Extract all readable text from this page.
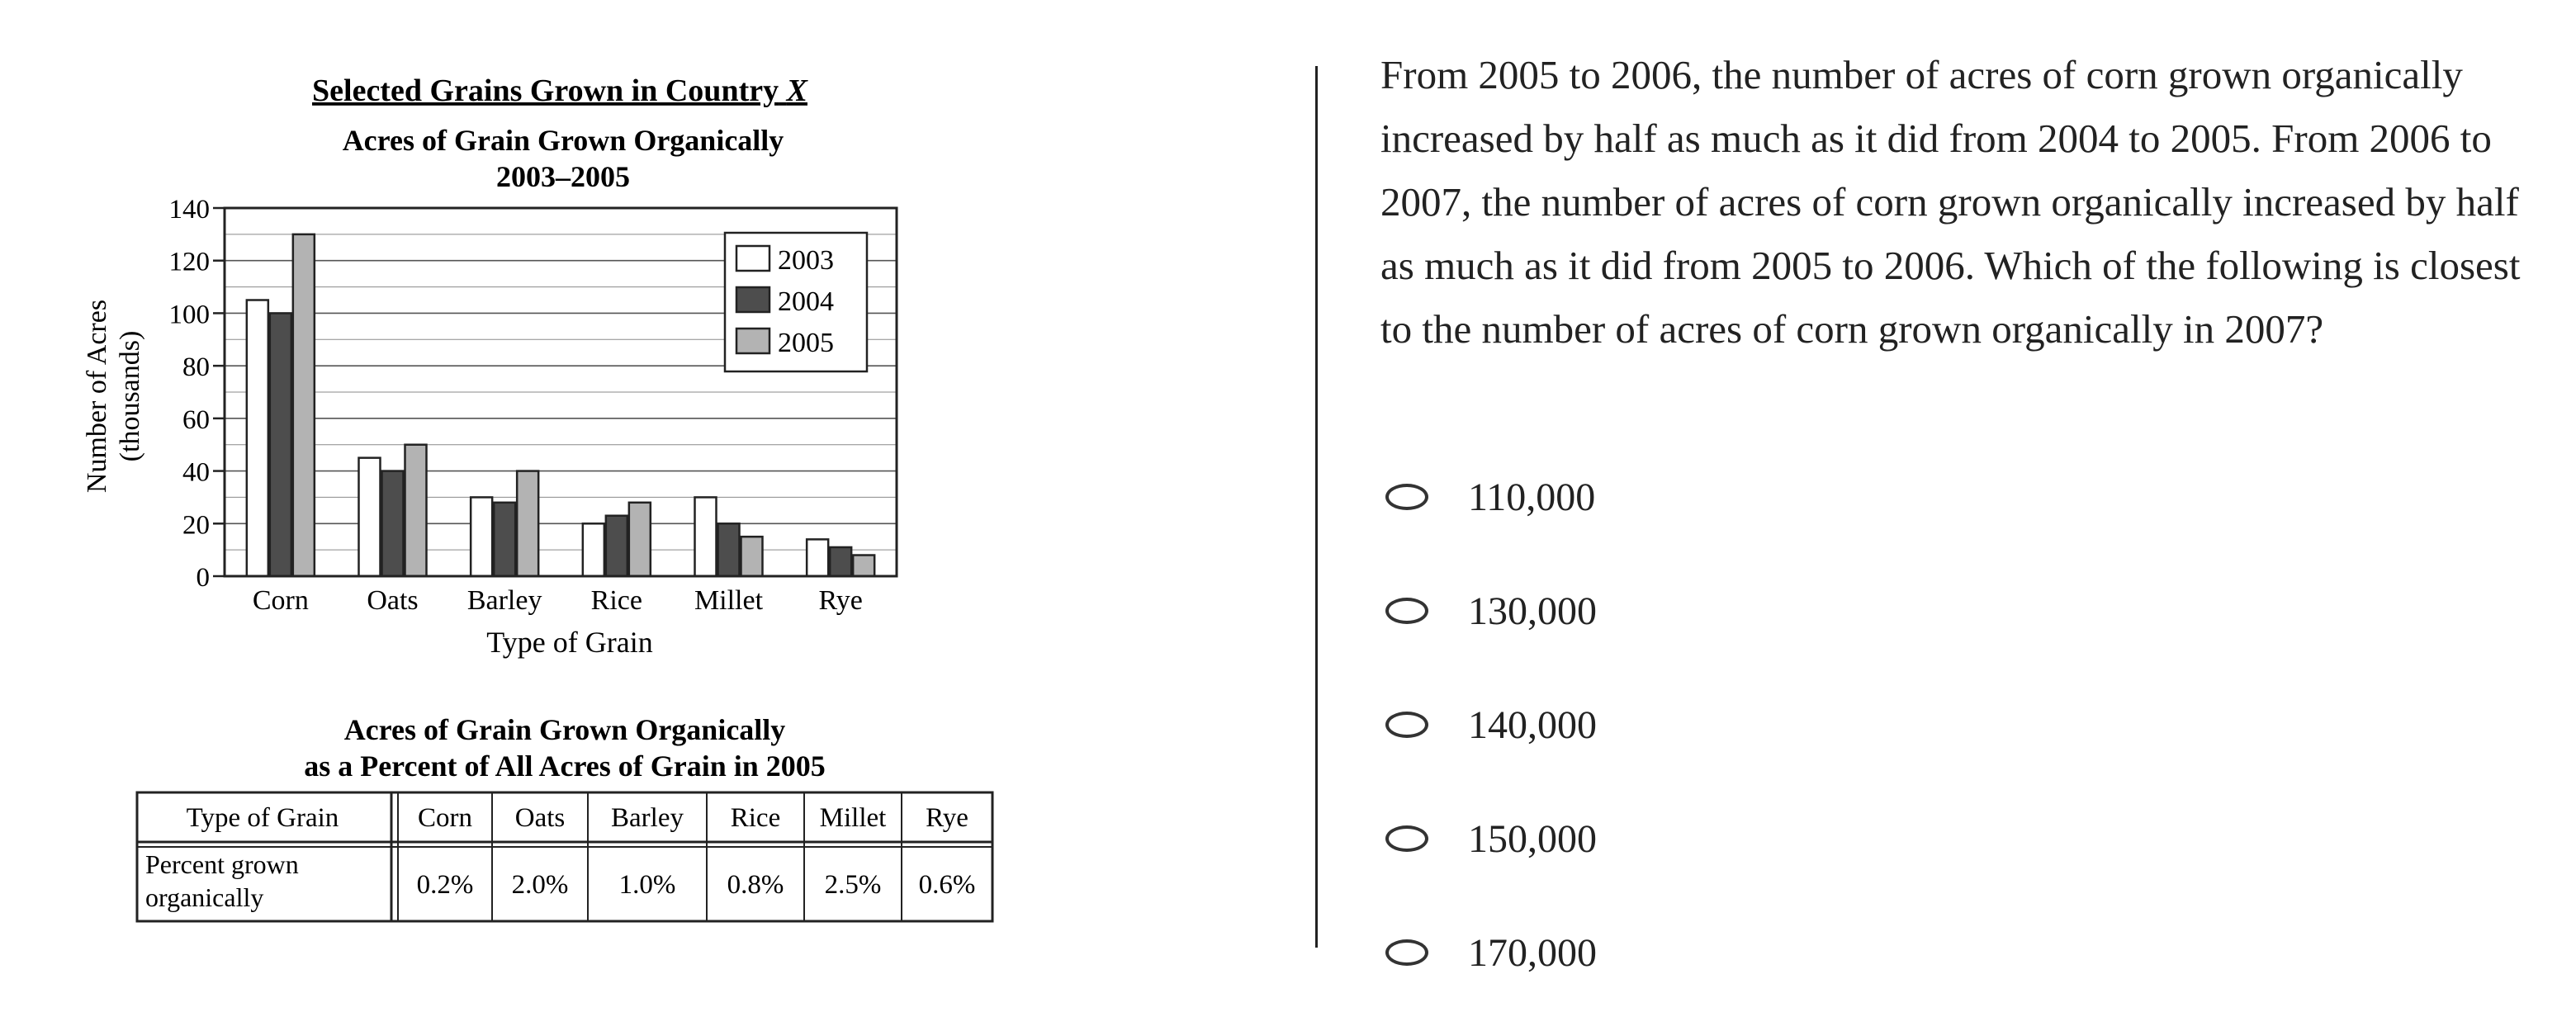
Selected Grains Grown in Country X
Acres of Grain Grown Organically
2003–2005
0
20
40
60
80
100
120
140
Corn Oats Barley Rice Millet Rye
2003
2004
2005
Number of Acres (thousands)
Type of Grain
Acres of Grain Grown Organically
as a Percent of All Acres of Grain in 2005
Type of Grain	Corn Oats Barley Rice Millet Rye
Percent grown
organically	0.2% 2.0% 1.0% 0.8% 2.5% 0.6%

From 2005 to 2006, the number of acres of corn grown organically increased by half as much as it did from 2004 to 2005. From 2006 to 2007, the number of acres of corn grown organically increased by half as much as it did from 2005 to 2006. Which of the following is closest to the number of acres of corn grown organically in 2007?

110,000
130,000
140,000
150,000
170,000
